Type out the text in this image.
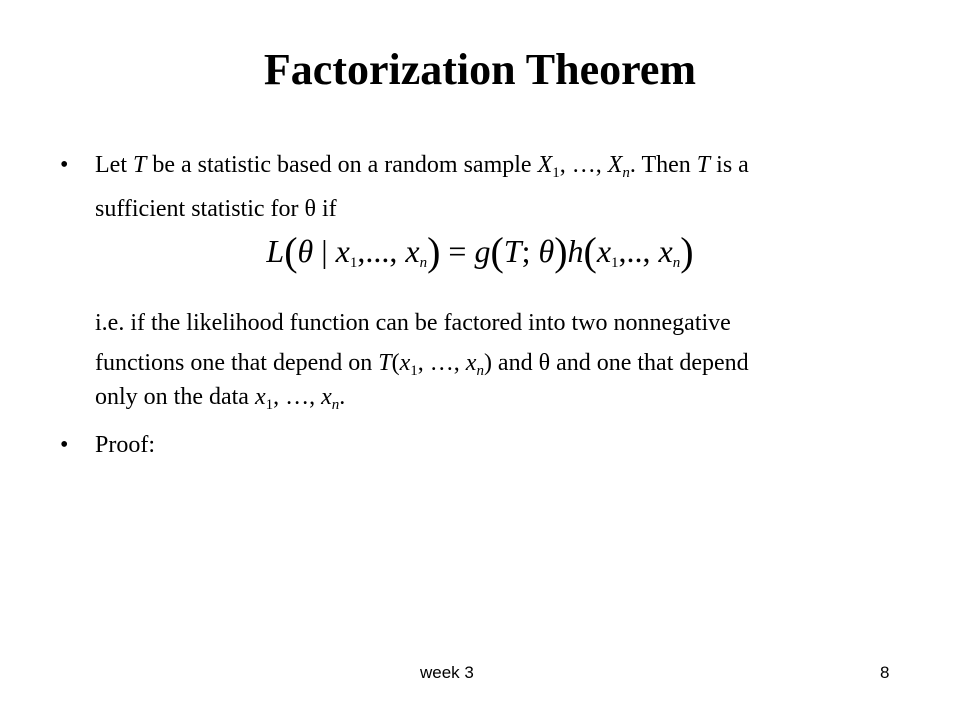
Factorization Theorem
• Let T be a statistic based on a random sample $X_1$, …, $X_n$. Then T is a
sufficient statistic for θ if
L(θ | $x_1$,..., $x_n) = g(T$; $\theta)h(x_1$,.., $x_n$)
i.e. if the likelihood function can be factored into two nonnegative
functions one that depend on $T(x_1$, …, $x_n$) and θ and one that depend
only on the data $x_1$, …, $x_n$.
• Proof:
week 3	8
